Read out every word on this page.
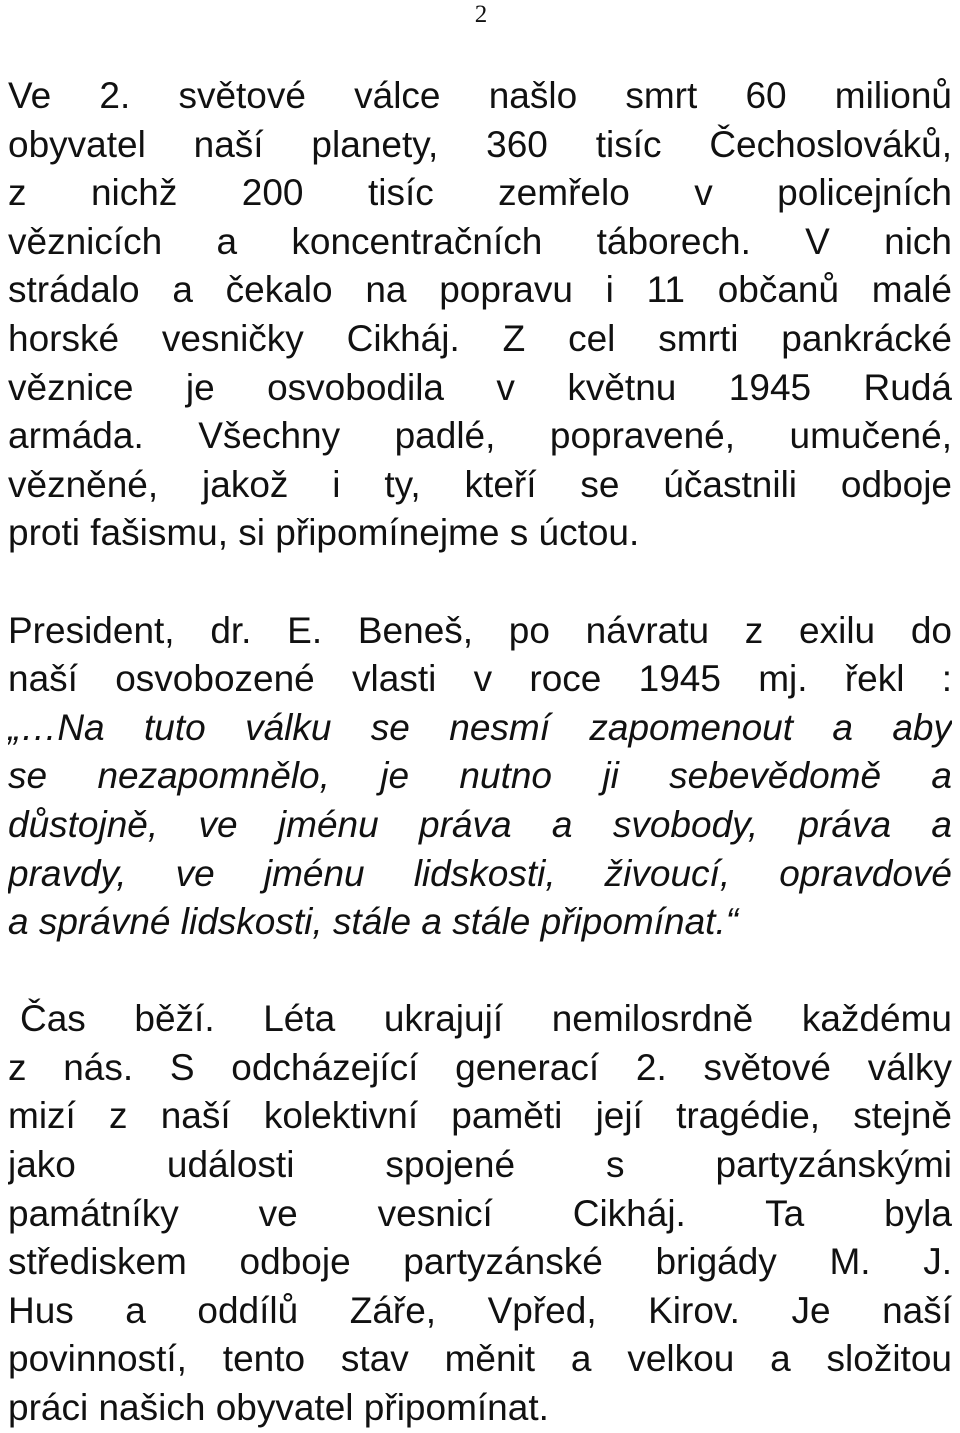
2
Ve 2. světové válce našlo smrt 60 milionů
obyvatel naší planety, 360 tisíc Čechoslováků,
z nichž 200 tisíc zemřelo v policejních
věznicích a koncentračních táborech. V nich
strádalo a čekalo na popravu i 11 občanů malé
horské vesničky Cikháj. Z cel smrti pankrácké
věznice je osvobodila v květnu 1945 Rudá
armáda. Všechny padlé, popravené, umučené,
vězněné, jakož i ty, kteří se účastnili odboje
proti fašismu, si připomínejme s úctou.
President, dr. E. Beneš, po návratu z exilu do
naší osvobozené vlasti v roce 1945 mj. řekl :
„…Na tuto válku se nesmí zapomenout a aby
se nezapomnělo, je nutno ji sebevědomě a
důstojně, ve jménu práva a svobody, práva a
pravdy, ve jménu lidskosti, živoucí, opravdové
a správné lidskosti, stále a stále připomínat.“
Čas běží. Léta ukrajují nemilosrdně každému
z nás. S odcházející generací 2. světové války
mizí z naší kolektivní paměti její tragédie, stejně
jako události spojené s partyzánskými
památníky ve vesnicí Cikháj. Ta byla
střediskem odboje partyzánské brigády M. J.
Hus a oddílů Záře, Vpřed, Kirov. Je naší
povinností, tento stav měnit a velkou a složitou
práci našich obyvatel připomínat.
